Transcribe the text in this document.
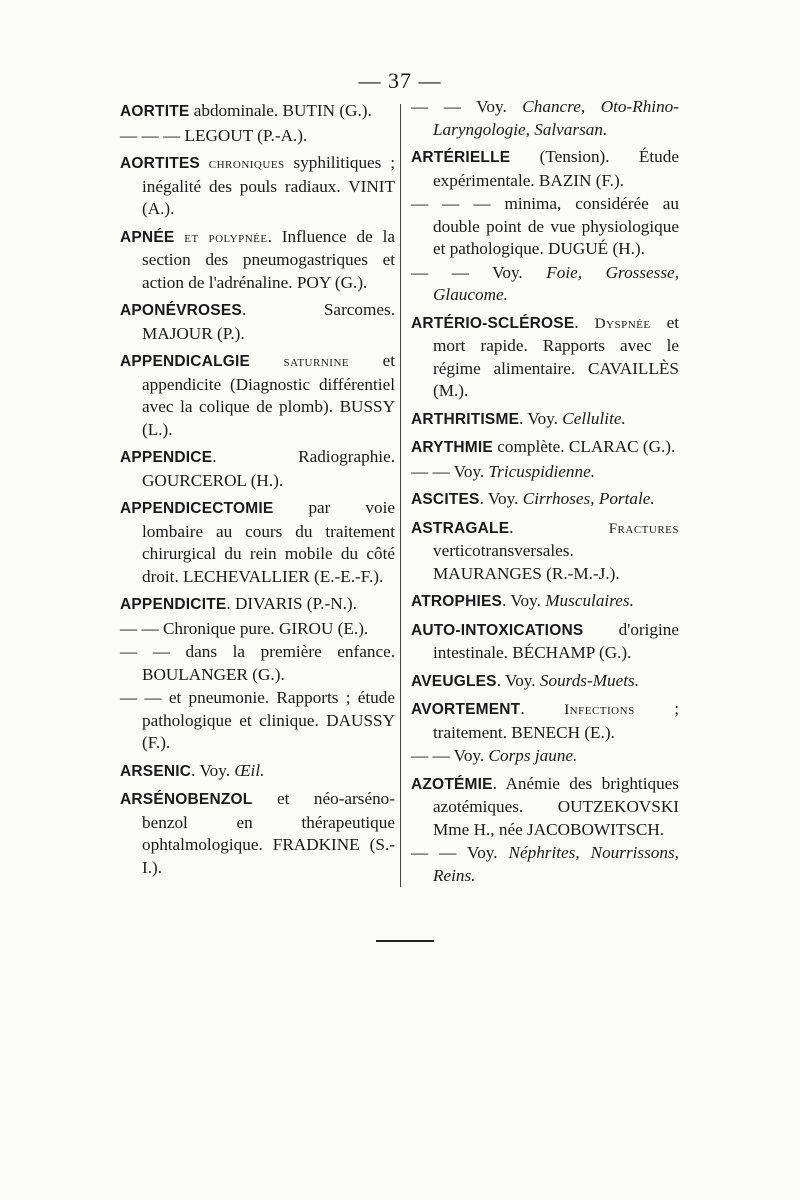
— 37 —

AORTITE abdominale. BUTIN (G.).

— — — LEGOUT (P.-A.).

AORTITES chroniques syphilitiques ; inégalité des pouls radiaux. VINIT (A.).

APNÉE et polypnée. Influence de la section des pneumogastriques et action de l'adrénaline. POY (G.).

APONÉVROSES. Sarcomes. MAJOUR (P.).

APPENDICALGIE saturnine et appendicite (Diagnostic différentiel avec la colique de plomb). BUSSY (L.).

APPENDICE. Radiographie. GOURCEROL (H.).

APPENDICECTOMIE par voie lombaire au cours du traitement chirurgical du rein mobile du côté droit. LECHEVALLIER (E.-E.-F.).

APPENDICITE. DIVARIS (P.-N.).

— — Chronique pure. GIROU (E.).

— — dans la première enfance. BOULANGER (G.).

— — et pneumonie. Rapports ; étude pathologique et clinique. DAUSSY (F.).

ARSENIC. Voy. Œil.

ARSÉNOBENZOL et néo-arséno-benzol en thérapeutique ophtalmologique. FRADKINE (S.-I.).

— — Voy. Chancre, Oto-Rhino-Laryngologie, Salvarsan.

ARTÉRIELLE (Tension). Étude expérimentale. BAZIN (F.).

— — — minima, considérée au double point de vue physiologique et pathologique. DUGUÉ (H.).

— — Voy. Foie, Grossesse, Glaucome.

ARTÉRIO-SCLÉROSE. Dyspnée et mort rapide. Rapports avec le régime alimentaire. CAVAILLÈS (M.).

ARTHRITISME. Voy. Cellulite.

ARYTHMIE complète. CLARAC (G.).

— — Voy. Tricuspidienne.

ASCITES. Voy. Cirrhoses, Portale.

ASTRAGALE. Fractures verticotransversales. MAURANGES (R.-M.-J.).

ATROPHIES. Voy. Musculaires.

AUTO-INTOXICATIONS d'origine intestinale. BÉCHAMP (G.).

AVEUGLES. Voy. Sourds-Muets.

AVORTEMENT. Infections ; traitement. BENECH (E.).

— — Voy. Corps jaune.

AZOTÉMIE. Anémie des brightiques azotémiques. OUTZEKOVSKI Mme H., née JACOBOWITSCH.

— — Voy. Néphrites, Nourrissons, Reins.
